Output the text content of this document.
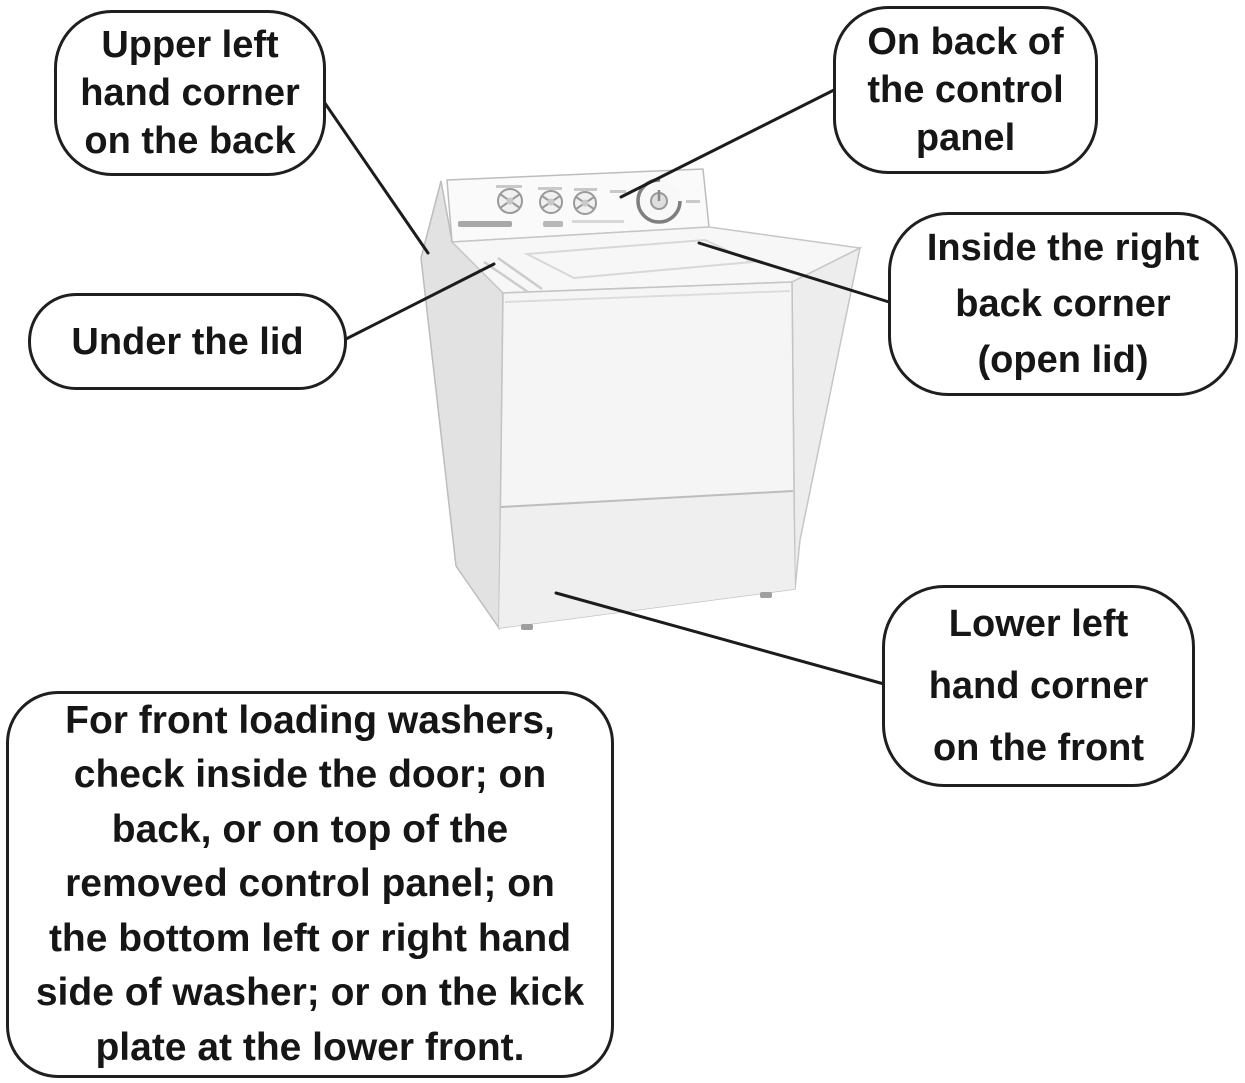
Upper left
hand corner
on the back
On back of
the control
panel
Under the lid
Inside the right
back corner
(open lid)
Lower left
hand corner
on the front
For front loading washers,
check inside the door; on
back, or on top of the
removed control panel; on
the bottom left or right hand
side of washer; or on the kick
plate at the lower front.
